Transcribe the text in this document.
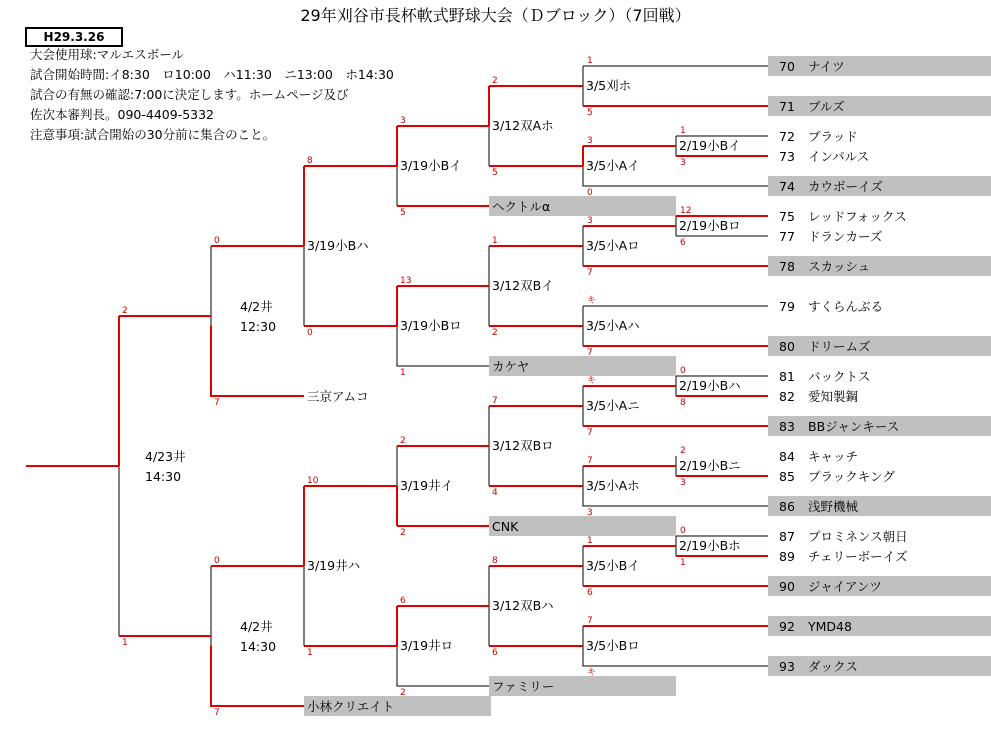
29年刈谷市長杯軟式野球大会（Ｄブロック）（7回戦）
H29.3.26
大会使用球:マルエスボール
試合開始時間:イ8:30　ロ10:00　ハ11:30　ニ13:00　ホ14:30
試合の有無の確認:7:00に決定します。ホームページ及び
佐次本審判長。090-4409-5332
注意事項:試合開始の30分前に集合のこと。
70 ナイツ
71 ブルズ
72 ブラッド
73 インパルス
74 カウボーイズ
75 レッドフォックス
77 ドランカーズ
78 スカッシュ
79 すくらんぶる
80 ドリームズ
81 バックトス
82 愛知製鋼
83 BBジャンキース
84 キャッチ
85 ブラックキング
86 浅野機械
87 プロミネンス朝日
89 チェリーボーイズ
90 ジャイアンツ
92 YMD48
93 ダックス
ヘクトルα
カケヤ
三京アムコ
CNK
ファミリー
小林クリエイト
2/19小Bイ
2/19小Bロ
2/19小Bハ
2/19小Bニ
2/19小Bホ
3/5刈ホ
3/5小Aイ
3/5小Aロ
3/5小Aハ
3/5小Aニ
3/5小Aホ
3/5小Bイ
3/5小Bロ
3/12双Aホ
3/12双Bイ
3/12双Bロ
3/12双Bハ
3/19小Bイ
3/19小Bロ
3/19井イ
3/19井ロ
3/19小Bハ
3/19井ハ
4/2井
12:30
4/2井
14:30
4/23井
14:30
1
5
1
3
3
0
12
6
3
7
キ
7
0
8
キ
7
7
2
3
7
3
0
1
1
6
7
キ
2
5
1
2
3
5
13
1
2
4
8
6
8
0
10
1	6
2
0
7
0
7
2
1
2
